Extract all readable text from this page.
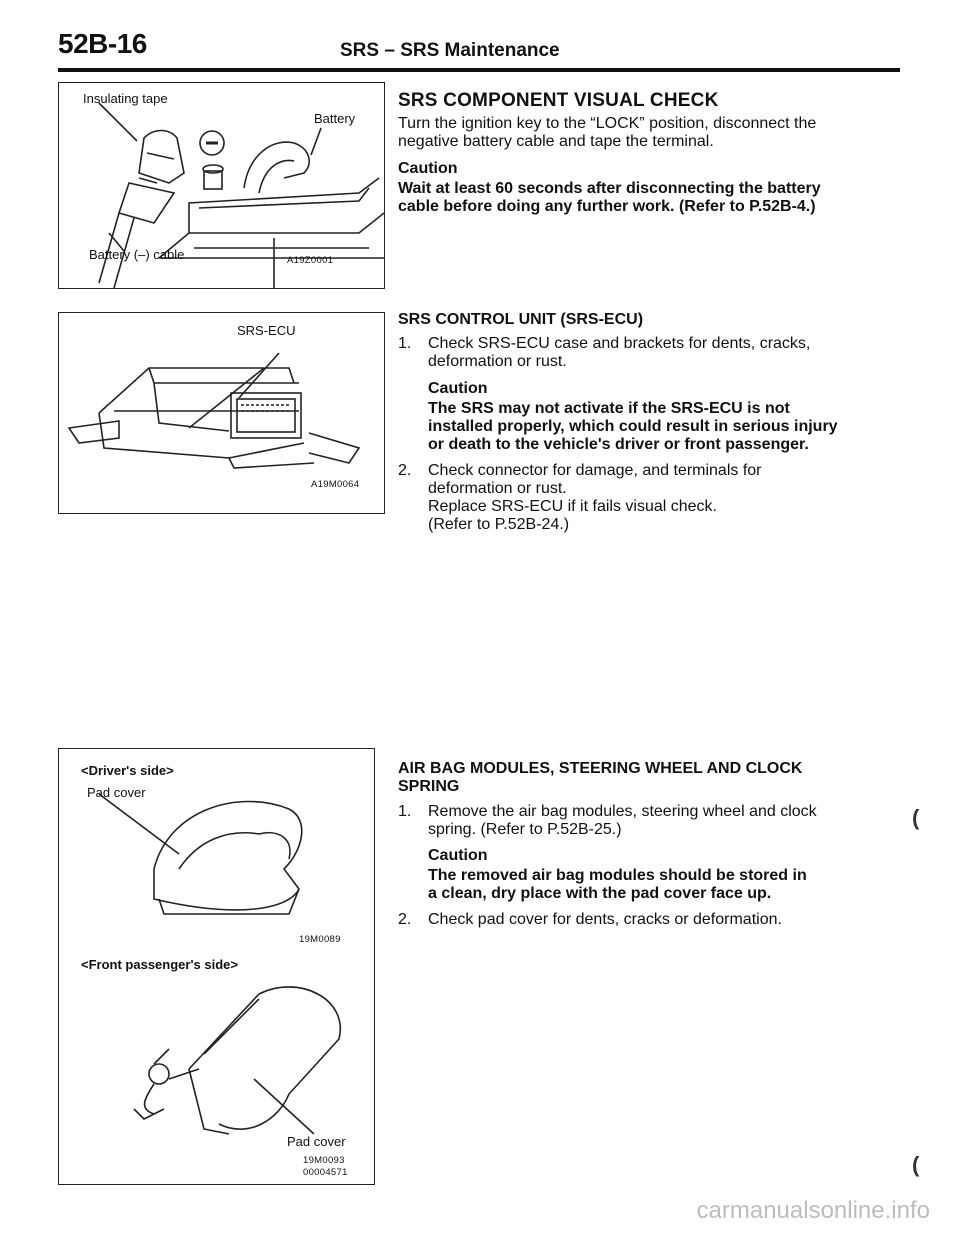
52B-16	SRS – SRS Maintenance
Insulating tape
Battery
Battery (–) cable	A19Z0001
SRS-ECU
A19M0064
<Driver's side>
Pad cover
19M0089
<Front passenger's side>
Pad cover
19M0093
00004571
SRS COMPONENT VISUAL CHECK
Turn the ignition key to the “LOCK” position, disconnect the
negative battery cable and tape the terminal.
Caution
Wait at least 60 seconds after disconnecting the battery
cable before doing any further work. (Refer to P.52B-4.)
SRS CONTROL UNIT (SRS-ECU)
1. Check SRS-ECU case and brackets for dents, cracks,
deformation or rust.
Caution
The SRS may not activate if the SRS-ECU is not
installed properly, which could result in serious injury
or death to the vehicle's driver or front passenger.
2. Check connector for damage, and terminals for
deformation or rust.
Replace SRS-ECU if it fails visual check.
(Refer to P.52B-24.)
AIR BAG MODULES, STEERING WHEEL AND CLOCK
SPRING
1. Remove the air bag modules, steering wheel and clock
spring. (Refer to P.52B-25.)
Caution
The removed air bag modules should be stored in
a clean, dry place with the pad cover face up.
2. Check pad cover for dents, cracks or deformation.
(
(
carmanualsonline.info
